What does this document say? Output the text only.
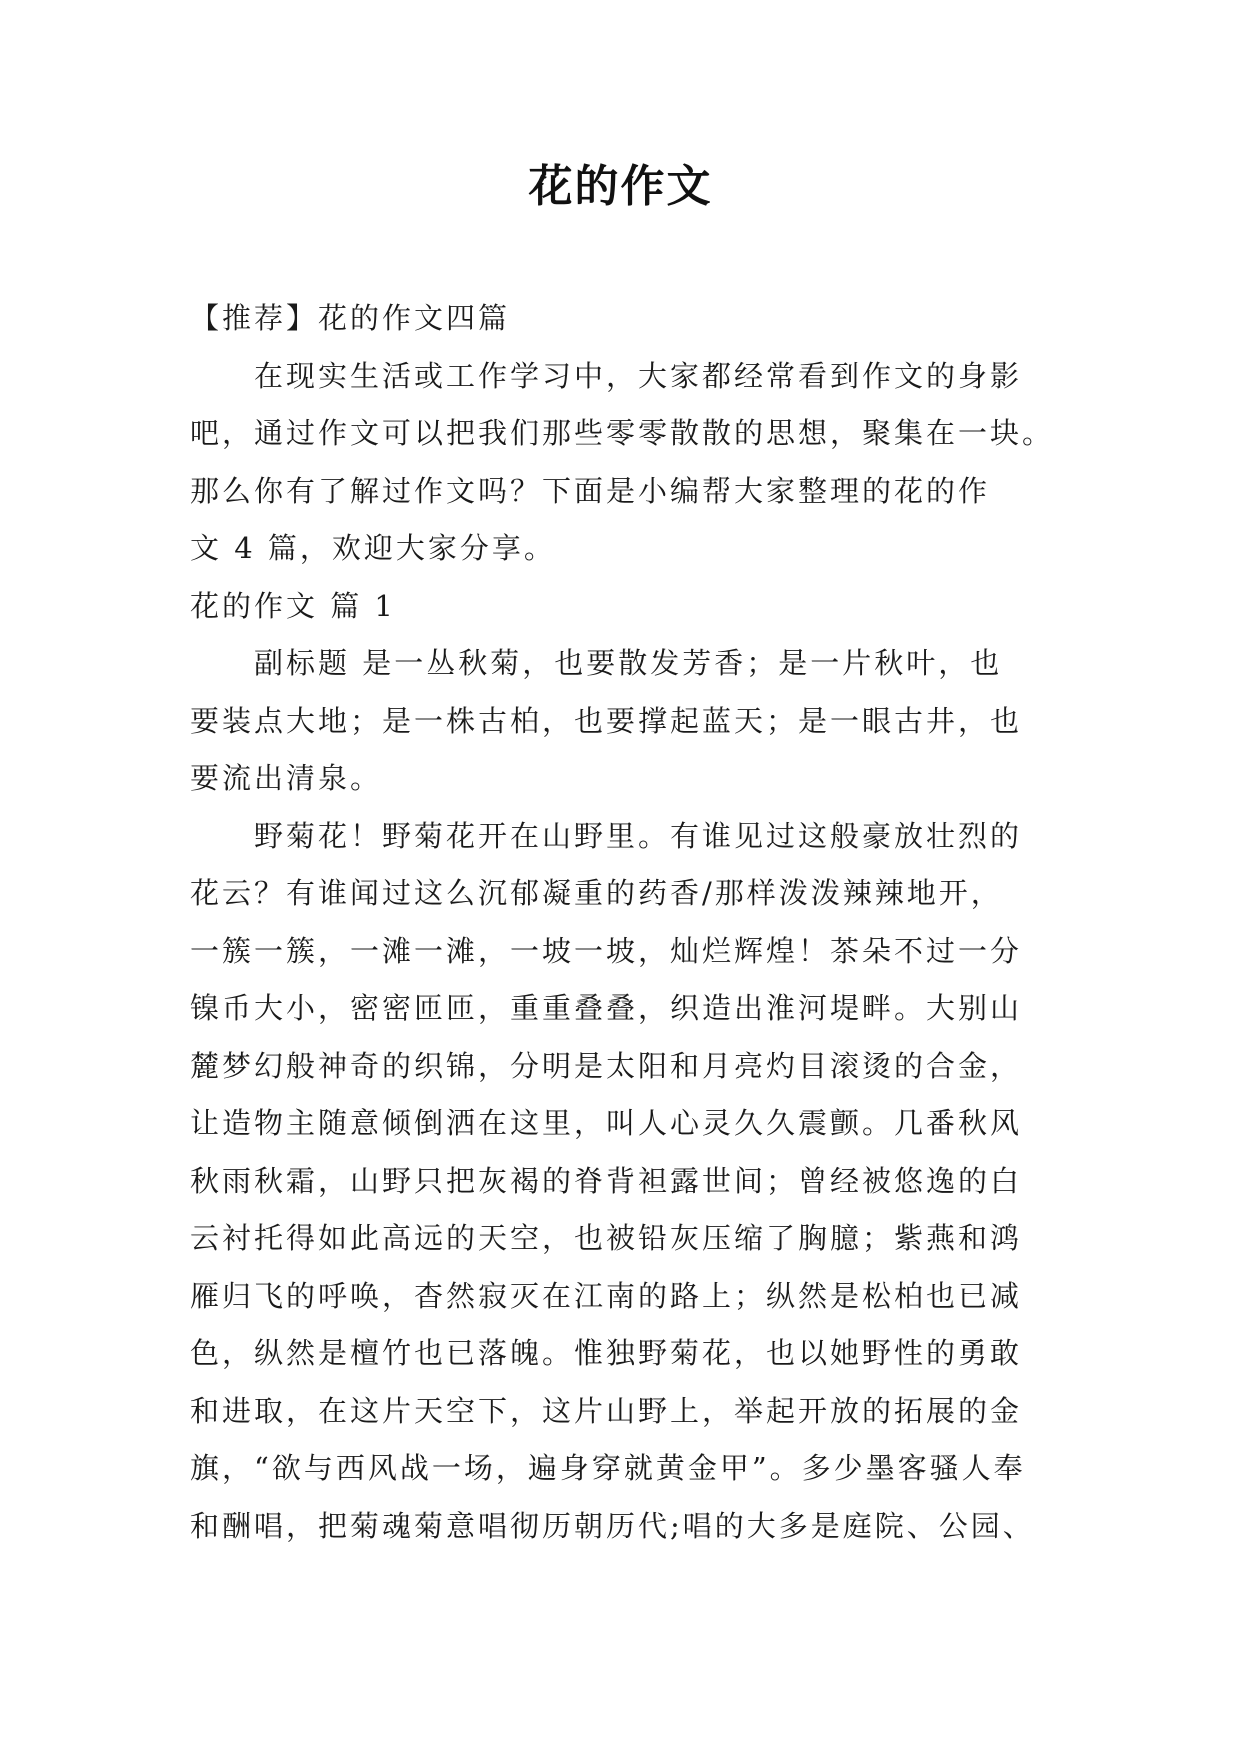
花的作文
【推荐】花的作文四篇
在现实生活或工作学习中，大家都经常看到作文的身影
吧，通过作文可以把我们那些零零散散的思想，聚集在一块。
那么你有了解过作文吗？下面是小编帮大家整理的花的作
文 4 篇，欢迎大家分享。
花的作文 篇 1
副标题 是一丛秋菊，也要散发芳香；是一片秋叶，也
要装点大地；是一株古柏，也要撑起蓝天；是一眼古井，也
要流出清泉。
野菊花！野菊花开在山野里。有谁见过这般豪放壮烈的
花云？有谁闻过这么沉郁凝重的药香/那样泼泼辣辣地开，
一簇一簇，一滩一滩，一坡一坡，灿烂辉煌！茶朵不过一分
镍币大小，密密匝匝，重重叠叠，织造出淮河堤畔。大别山
麓梦幻般神奇的织锦，分明是太阳和月亮灼目滚烫的合金，
让造物主随意倾倒洒在这里，叫人心灵久久震颤。几番秋风
秋雨秋霜，山野只把灰褐的脊背袒露世间；曾经被悠逸的白
云衬托得如此高远的天空，也被铅灰压缩了胸臆；紫燕和鸿
雁归飞的呼唤，杳然寂灭在江南的路上；纵然是松柏也已减
色，纵然是檀竹也已落魄。惟独野菊花，也以她野性的勇敢
和进取，在这片天空下，这片山野上，举起开放的拓展的金
旗，“欲与西风战一场，遍身穿就黄金甲”。多少墨客骚人奉
和酬唱，把菊魂菊意唱彻历朝历代;唱的大多是庭院、公园、
